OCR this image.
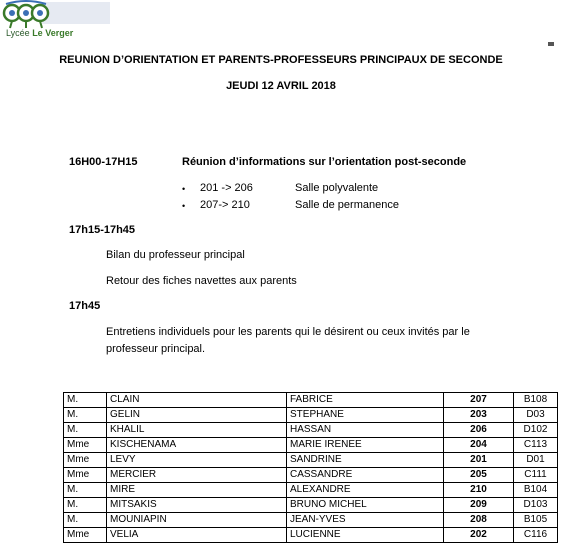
Lycée Le Verger
REUNION D’ORIENTATION ET PARENTS-PROFESSEURS PRINCIPAUX DE SECONDE
JEUDI 12 AVRIL 2018
16H00-17H15	Réunion d’informations sur l’orientation post-seconde
• 201 -> 206	Salle polyvalente
• 207-> 210	Salle de permanence
17h15-17h45
Bilan du professeur principal
Retour des fiches navettes aux parents
17h45
Entretiens individuels pour les parents qui le désirent ou ceux invités par le
professeur principal.
M.	CLAIN	FABRICE	207	B108
M.	GELIN	STEPHANE	203	D03
M.	KHALIL	HASSAN	206	D102
Mme	KISCHENAMA	MARIE IRENEE	204	C113
Mme	LEVY	SANDRINE	201	D01
Mme	MERCIER	CASSANDRE	205	C111
M.	MIRE	ALEXANDRE	210	B104
M.	MITSAKIS	BRUNO MICHEL	209	D103
M.	MOUNIAPIN	JEAN-YVES	208	B105
Mme	VELIA	LUCIENNE	202	C116
